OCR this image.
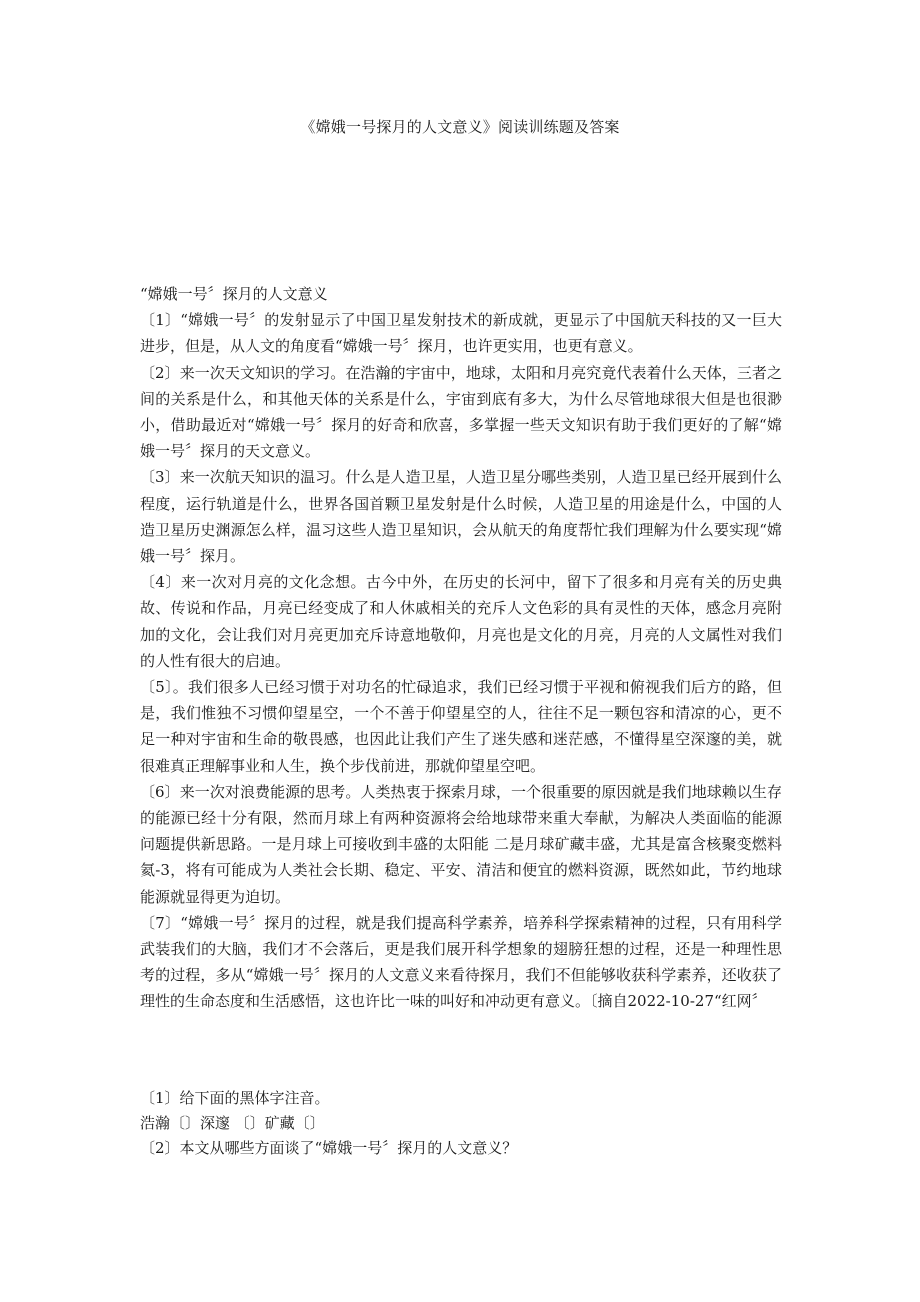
《嫦娥一号探月的人文意义》阅读训练题及答案

“嫦娥一号〞探月的人文意义

〔1〕“嫦娥一号〞的发射显示了中国卫星发射技术的新成就，更显示了中国航天科技的又一巨大进步，但是，从人文的角度看“嫦娥一号〞探月，也许更实用，也更有意义。

〔2〕来一次天文知识的学习。在浩瀚的宇宙中，地球，太阳和月亮究竟代表着什么天体，三者之间的关系是什么，和其他天体的关系是什么，宇宙到底有多大，为什么尽管地球很大但是也很渺小，借助最近对“嫦娥一号〞探月的好奇和欣喜，多掌握一些天文知识有助于我们更好的了解“嫦娥一号〞探月的天文意义。

〔3〕来一次航天知识的温习。什么是人造卫星，人造卫星分哪些类别，人造卫星已经开展到什么程度，运行轨道是什么，世界各国首颗卫星发射是什么时候，人造卫星的用途是什么，中国的人造卫星历史渊源怎么样，温习这些人造卫星知识，会从航天的角度帮忙我们理解为什么要实现“嫦娥一号〞探月。

〔4〕来一次对月亮的文化念想。古今中外，在历史的长河中，留下了很多和月亮有关的历史典故、传说和作品，月亮已经变成了和人休戚相关的充斥人文色彩的具有灵性的天体，感念月亮附加的文化，会让我们对月亮更加充斥诗意地敬仰，月亮也是文化的月亮，月亮的人文属性对我们的人性有很大的启迪。

〔5〕。我们很多人已经习惯于对功名的忙碌追求，我们已经习惯于平视和俯视我们后方的路，但是，我们惟独不习惯仰望星空，一个不善于仰望星空的人，往往不足一颗包容和清凉的心，更不足一种对宇宙和生命的敬畏感，也因此让我们产生了迷失感和迷茫感，不懂得星空深邃的美，就很难真正理解事业和人生，换个步伐前进，那就仰望星空吧。

〔6〕来一次对浪费能源的思考。人类热衷于探索月球，一个很重要的原因就是我们地球赖以生存的能源已经十分有限，然而月球上有两种资源将会给地球带来重大奉献，为解决人类面临的能源问题提供新思路。一是月球上可接收到丰盛的太阳能 二是月球矿藏丰盛，尤其是富含核聚变燃料氦-3，将有可能成为人类社会长期、稳定、平安、清洁和便宜的燃料资源，既然如此，节约地球能源就显得更为迫切。

〔7〕“嫦娥一号〞探月的过程，就是我们提高科学素养，培养科学探索精神的过程，只有用科学武装我们的大脑，我们才不会落后，更是我们展开科学想象的翅膀狂想的过程，还是一种理性思考的过程，多从“嫦娥一号〞探月的人文意义来看待探月，我们不但能够收获科学素养，还收获了理性的生命态度和生活感悟，这也许比一味的叫好和冲动更有意义。〔摘自2022-10-27“红网〞

〔1〕给下面的黑体字注音。

浩瀚〔〕深邃 〔〕矿藏〔〕

〔2〕本文从哪些方面谈了“嫦娥一号〞探月的人文意义？
